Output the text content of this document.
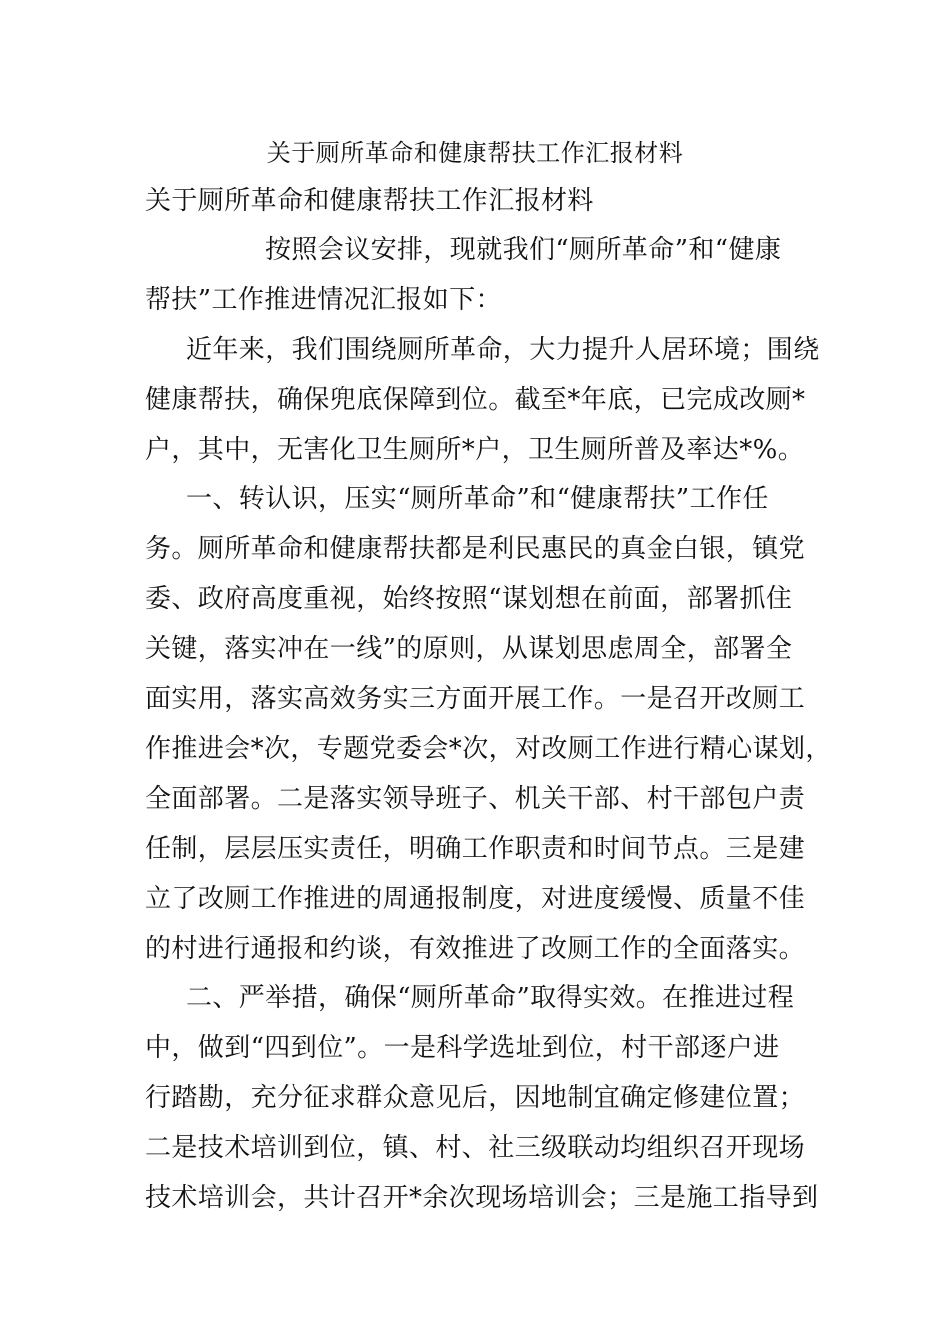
关于厕所革命和健康帮扶工作汇报材料
关于厕所革命和健康帮扶工作汇报材料
按照会议安排，现就我们“厕所革命”和“健康
帮扶”工作推进情况汇报如下：
近年来，我们围绕厕所革命，大力提升人居环境；围绕
健康帮扶，确保兜底保障到位。截至*年底，已完成改厕*
户，其中，无害化卫生厕所*户，卫生厕所普及率达*%。
一、转认识，压实“厕所革命”和“健康帮扶”工作任
务。厕所革命和健康帮扶都是利民惠民的真金白银，镇党
委、政府高度重视，始终按照“谋划想在前面，部署抓住
关键，落实冲在一线”的原则，从谋划思虑周全，部署全
面实用，落实高效务实三方面开展工作。一是召开改厕工
作推进会*次，专题党委会*次，对改厕工作进行精心谋划，
全面部署。二是落实领导班子、机关干部、村干部包户责
任制，层层压实责任，明确工作职责和时间节点。三是建
立了改厕工作推进的周通报制度，对进度缓慢、质量不佳
的村进行通报和约谈，有效推进了改厕工作的全面落实。
二、严举措，确保“厕所革命”取得实效。在推进过程
中，做到“四到位”。一是科学选址到位，村干部逐户进
行踏勘，充分征求群众意见后，因地制宜确定修建位置；
二是技术培训到位，镇、村、社三级联动均组织召开现场
技术培训会，共计召开*余次现场培训会；三是施工指导到
